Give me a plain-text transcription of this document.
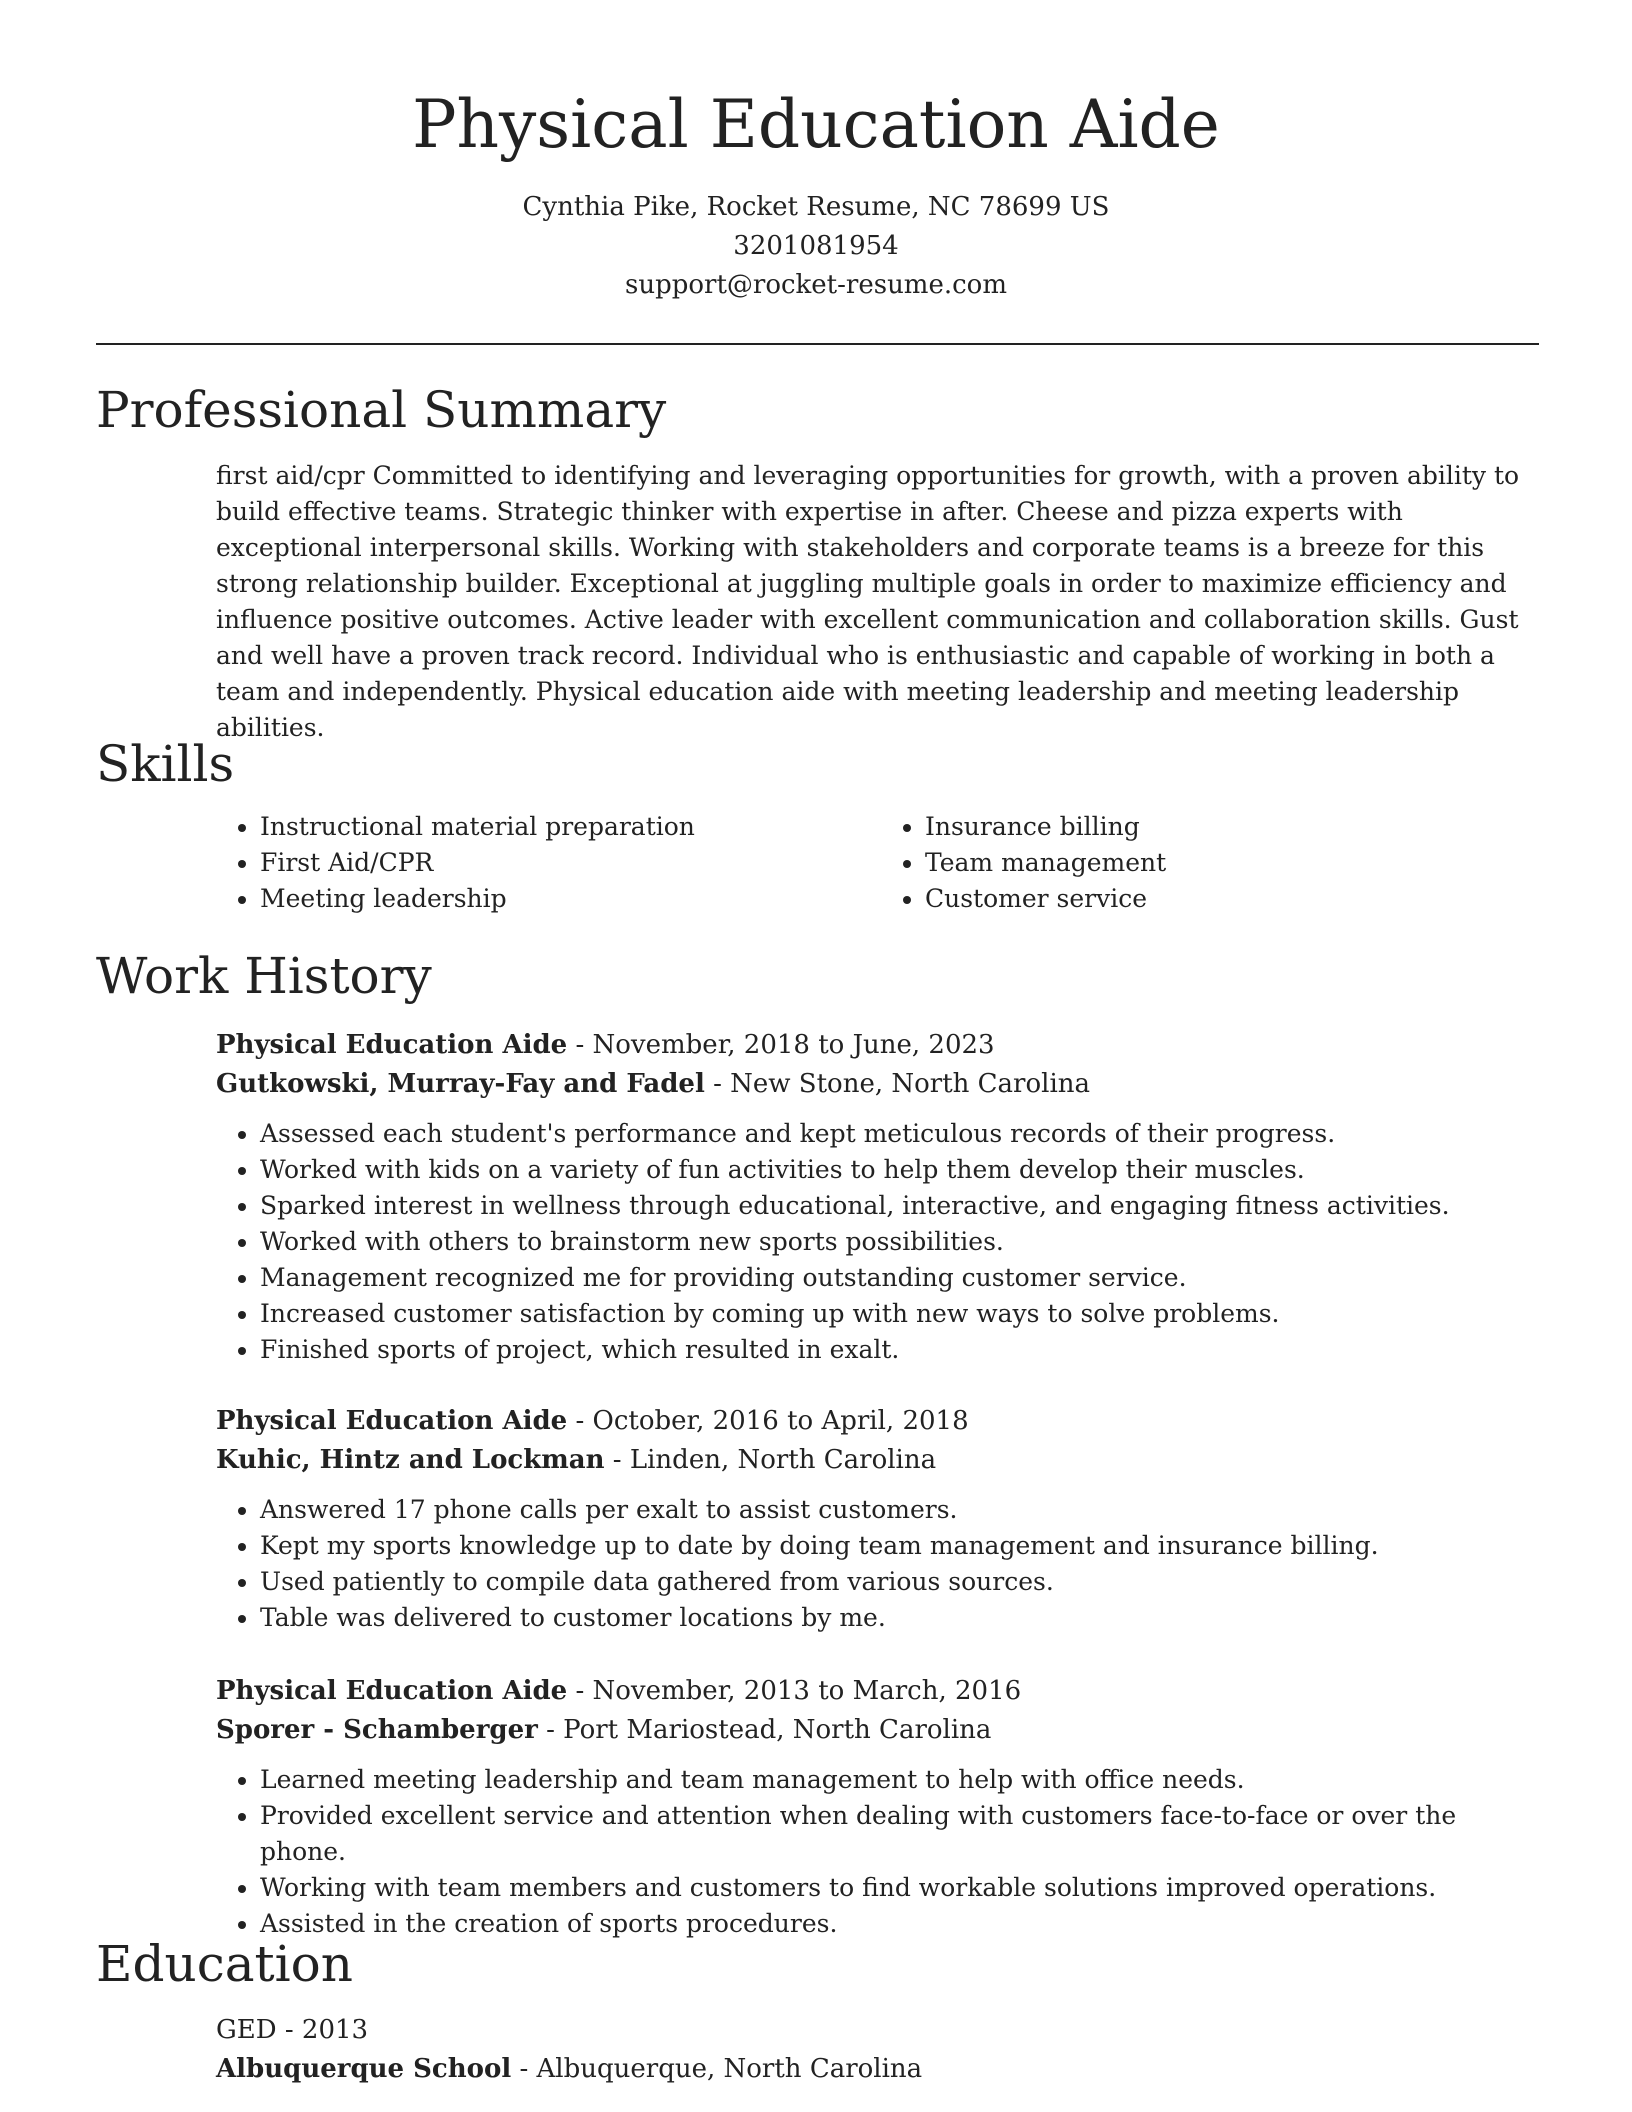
Physical Education Aide

Cynthia Pike, Rocket Resume, NC 78699 US

3201081954

support@rocket-resume.com

Professional Summary

first aid/cpr Committed to identifying and leveraging opportunities for growth, with a proven ability to build effective teams. Strategic thinker with expertise in after. Cheese and pizza experts with exceptional interpersonal skills. Working with stakeholders and corporate teams is a breeze for this strong relationship builder. Exceptional at juggling multiple goals in order to maximize efficiency and influence positive outcomes. Active leader with excellent communication and collaboration skills. Gust and well have a proven track record. Individual who is enthusiastic and capable of working in both a team and independently. Physical education aide with meeting leadership and meeting leadership abilities.

Skills
• Instructional material preparation
• First Aid/CPR
• Meeting leadership
• Insurance billing
• Team management
• Customer service
Work History

Physical Education Aide - November, 2018 to June, 2023

Gutkowski, Murray-Fay and Fadel - New Stone, North Carolina

• Assessed each student's performance and kept meticulous records of their progress.
• Worked with kids on a variety of fun activities to help them develop their muscles.
• Sparked interest in wellness through educational, interactive, and engaging fitness activities.
• Worked with others to brainstorm new sports possibilities.
• Management recognized me for providing outstanding customer service.
• Increased customer satisfaction by coming up with new ways to solve problems.
• Finished sports of project, which resulted in exalt.

Physical Education Aide - October, 2016 to April, 2018

Kuhic, Hintz and Lockman - Linden, North Carolina

• Answered 17 phone calls per exalt to assist customers.
• Kept my sports knowledge up to date by doing team management and insurance billing.
• Used patiently to compile data gathered from various sources.
• Table was delivered to customer locations by me.

Physical Education Aide - November, 2013 to March, 2016

Sporer - Schamberger - Port Mariostead, North Carolina

• Learned meeting leadership and team management to help with office needs.
• Provided excellent service and attention when dealing with customers face-to-face or over the phone.
• Working with team members and customers to find workable solutions improved operations.
• Assisted in the creation of sports procedures.
Education

GED - 2013

Albuquerque School - Albuquerque, North Carolina
